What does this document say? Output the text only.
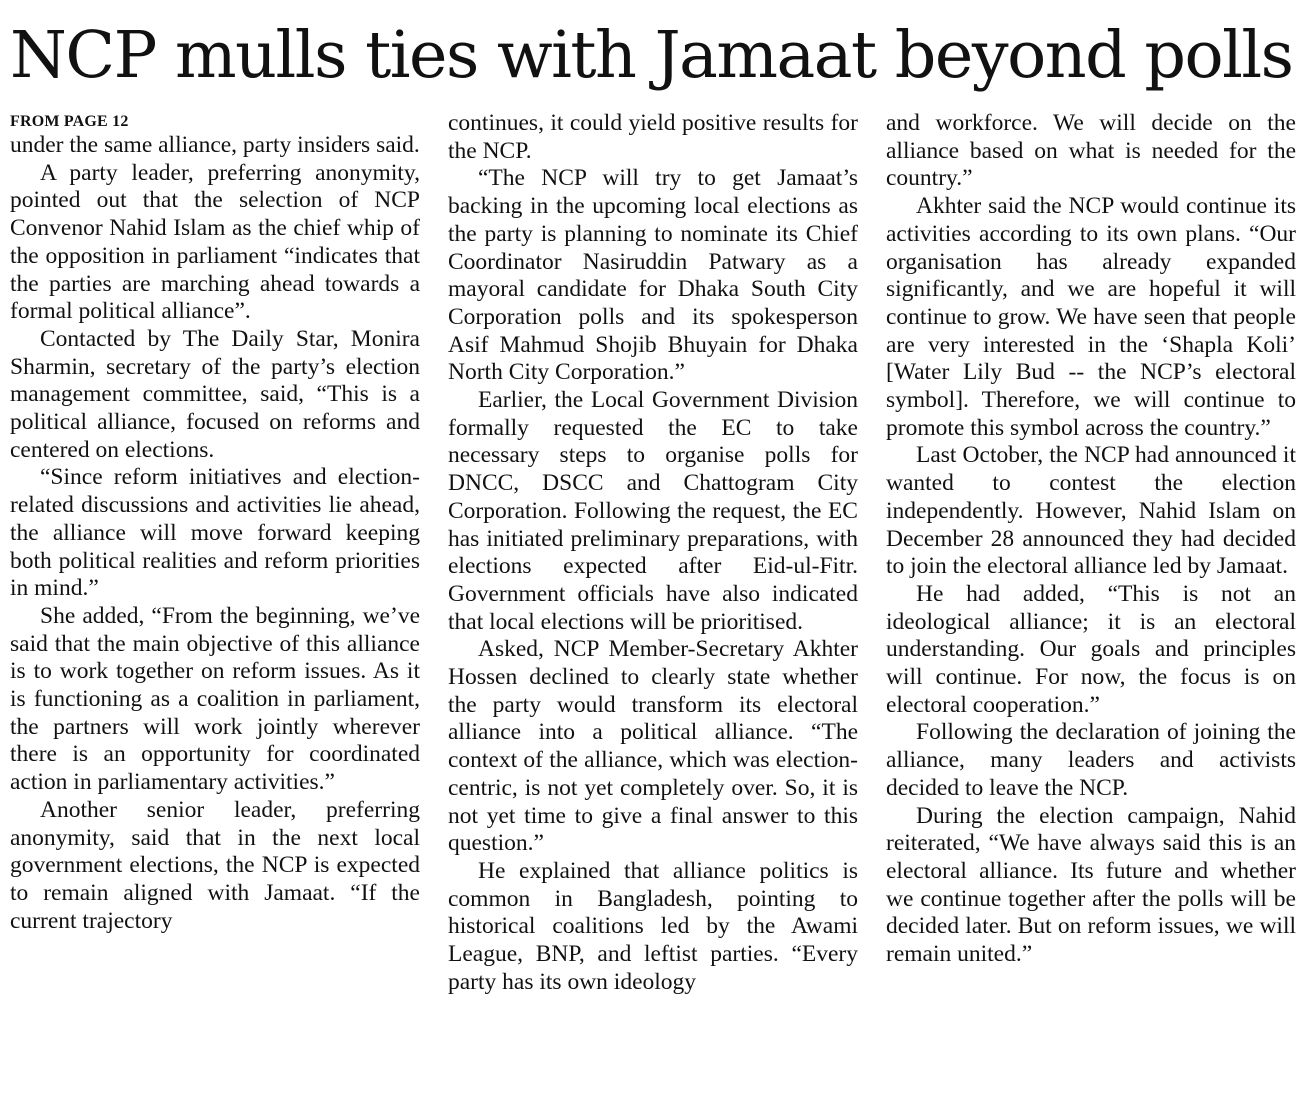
NCP mulls ties with Jamaat beyond polls
FROM PAGE 12

under the same alliance, party insiders said.

A party leader, preferring anonymity, pointed out that the selection of NCP Convenor Nahid Islam as the chief whip of the opposition in parliament “indicates that the parties are marching ahead towards a formal political alliance”.

Contacted by The Daily Star, Monira Sharmin, secretary of the party’s election management committee, said, “This is a political alliance, focused on reforms and centered on elections.

“Since reform initiatives and election-related discussions and activities lie ahead, the alliance will move forward keeping both political realities and reform priorities in mind.”

She added, “From the beginning, we’ve said that the main objective of this alliance is to work together on reform issues. As it is functioning as a coalition in parliament, the partners will work jointly wherever there is an opportunity for coordinated action in parliamentary activities.”

Another senior leader, preferring anonymity, said that in the next local government elections, the NCP is expected to remain aligned with Jamaat. “If the current trajectory

continues, it could yield positive results for the NCP.

“The NCP will try to get Jamaat’s backing in the upcoming local elections as the party is planning to nominate its Chief Coordinator Nasiruddin Patwary as a mayoral candidate for Dhaka South City Corporation polls and its spokesperson Asif Mahmud Shojib Bhuyain for Dhaka North City Corporation.”

Earlier, the Local Government Division formally requested the EC to take necessary steps to organise polls for DNCC, DSCC and Chattogram City Corporation. Following the request, the EC has initiated preliminary preparations, with elections expected after Eid-ul-Fitr. Government officials have also indicated that local elections will be prioritised.

Asked, NCP Member-Secretary Akhter Hossen declined to clearly state whether the party would transform its electoral alliance into a political alliance. “The context of the alliance, which was election-centric, is not yet completely over. So, it is not yet time to give a final answer to this question.”

He explained that alliance politics is common in Bangladesh, pointing to historical coalitions led by the Awami League, BNP, and leftist parties. “Every party has its own ideology

and workforce. We will decide on the alliance based on what is needed for the country.”

Akhter said the NCP would continue its activities according to its own plans. “Our organisation has already expanded significantly, and we are hopeful it will continue to grow. We have seen that people are very interested in the ‘Shapla Koli’ [Water Lily Bud -- the NCP’s electoral symbol]. Therefore, we will continue to promote this symbol across the country.”

Last October, the NCP had announced it wanted to contest the election independently. However, Nahid Islam on December 28 announced they had decided to join the electoral alliance led by Jamaat.

He had added, “This is not an ideological alliance; it is an electoral understanding. Our goals and principles will continue. For now, the focus is on electoral cooperation.”

Following the declaration of joining the alliance, many leaders and activists decided to leave the NCP.

During the election campaign, Nahid reiterated, “We have always said this is an electoral alliance. Its future and whether we continue together after the polls will be decided later. But on reform issues, we will remain united.”
